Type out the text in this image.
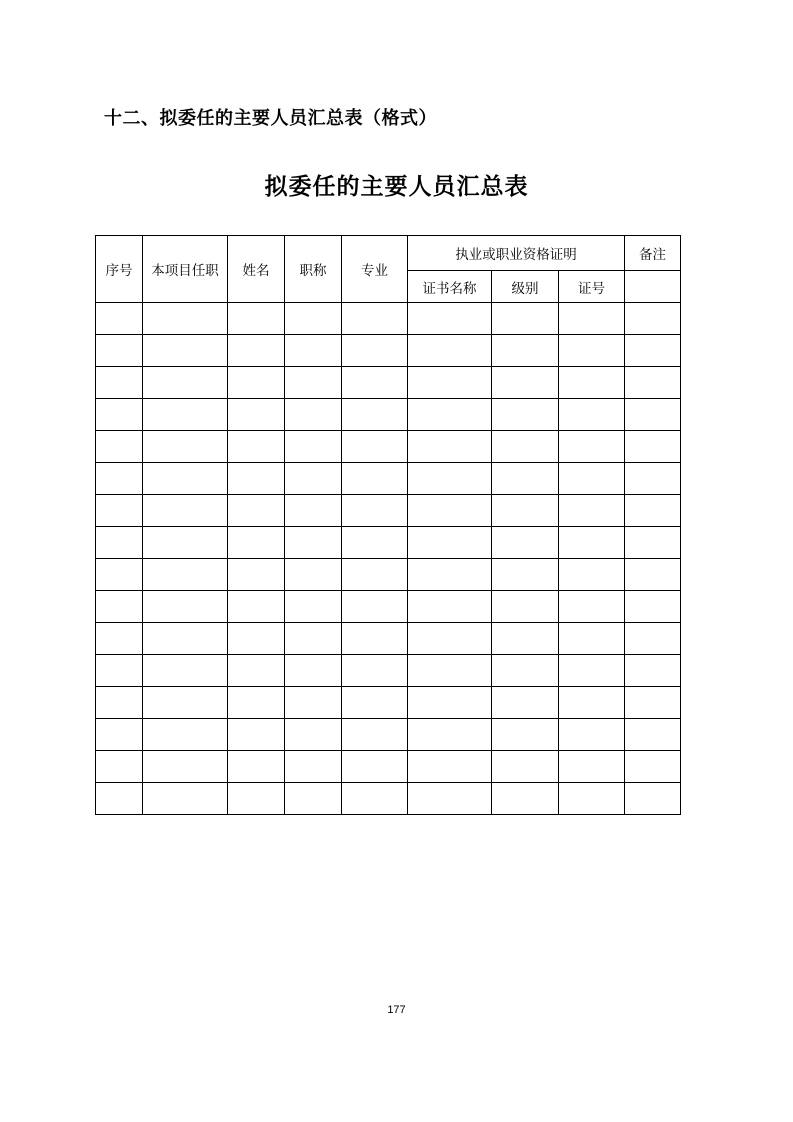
十二、拟委任的主要人员汇总表（格式）
拟委任的主要人员汇总表
序号	本项目任职	姓名	职称	专业	执业或职业资格证明			备注
					证书名称	级别	证号	

177
